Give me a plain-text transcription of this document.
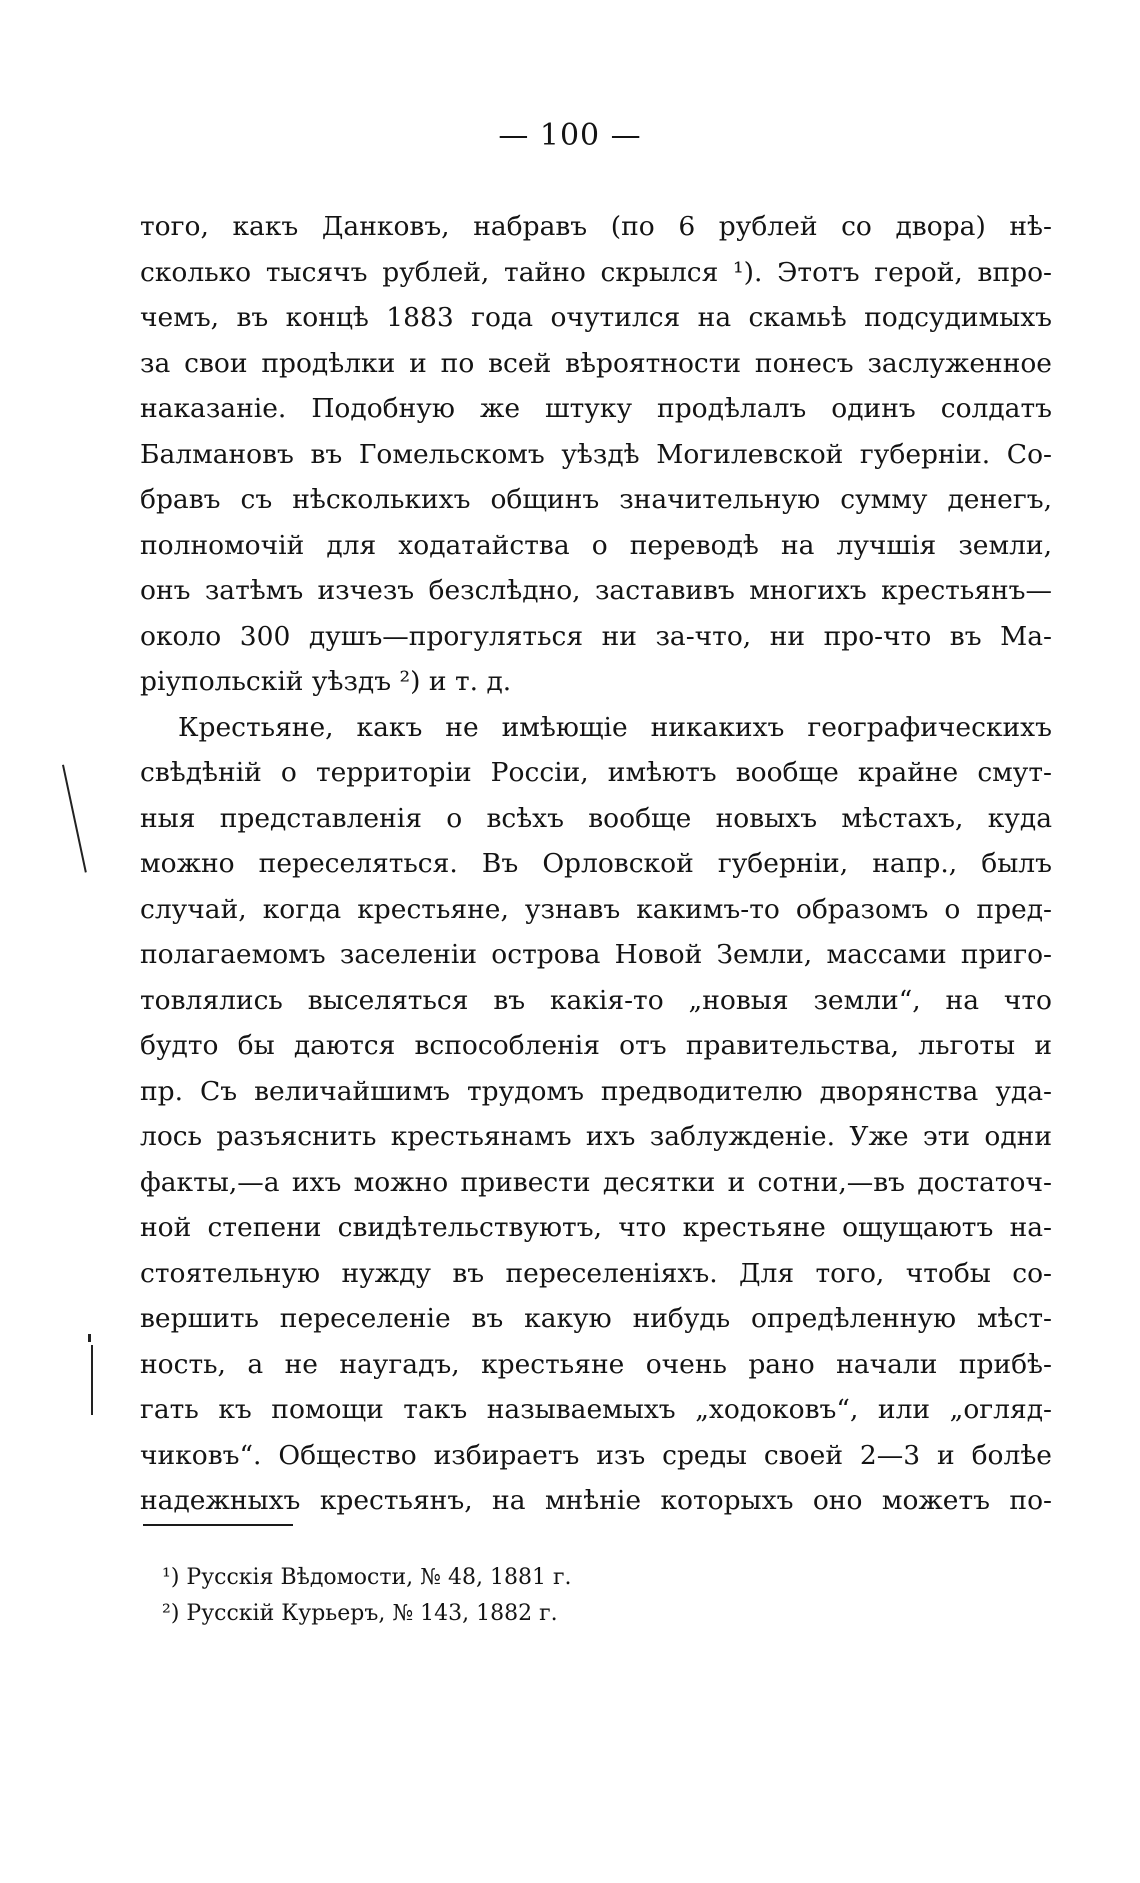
— 100 —
того, какъ Данковъ, набравъ (по 6 рублей со двора) нѣ-
сколько тысячъ рублей, тайно скрылся ¹). Этотъ герой, впро-
чемъ, въ концѣ 1883 года очутился на скамьѣ подсудимыхъ
за свои продѣлки и по всей вѣроятности понесъ заслуженное
наказаніе. Подобную же штуку продѣлалъ одинъ солдатъ
Балмановъ въ Гомельскомъ уѣздѣ Могилевской губерніи. Со-
бравъ съ нѣсколькихъ общинъ значительную сумму денегъ,
полномочій для ходатайства о переводѣ на лучшія земли,
онъ затѣмъ изчезъ безслѣдно, заставивъ многихъ крестьянъ—
около 300 душъ—прогуляться ни за-что, ни про-что въ Ма-
ріупольскій уѣздъ ²) и т. д.
Крестьяне, какъ не имѣющіе никакихъ географическихъ
свѣдѣній о территоріи Россіи, имѣютъ вообще крайне смут-
ныя представленія о всѣхъ вообще новыхъ мѣстахъ, куда
можно переселяться. Въ Орловской губерніи, напр., былъ
случай, когда крестьяне, узнавъ какимъ-то образомъ о пред-
полагаемомъ заселеніи острова Новой Земли, массами приго-
товлялись выселяться въ какія-то „новыя земли“, на что
будто бы даются вспособленія отъ правительства, льготы и
пр. Съ величайшимъ трудомъ предводителю дворянства уда-
лось разъяснить крестьянамъ ихъ заблужденіе. Уже эти одни
факты,—а ихъ можно привести десятки и сотни,—въ достаточ-
ной степени свидѣтельствуютъ, что крестьяне ощущаютъ на-
стоятельную нужду въ переселеніяхъ. Для того, чтобы со-
вершить переселеніе въ какую нибудь опредѣленную мѣст-
ность, а не наугадъ, крестьяне очень рано начали прибѣ-
гать къ помощи такъ называемыхъ „ходоковъ“, или „огляд-
чиковъ“. Общество избираетъ изъ среды своей 2—3 и болѣе
надежныхъ крестьянъ, на мнѣніе которыхъ оно можетъ по-
¹) Русскія Вѣдомости, № 48, 1881 г.
²) Русскій Курьеръ, № 143, 1882 г.
